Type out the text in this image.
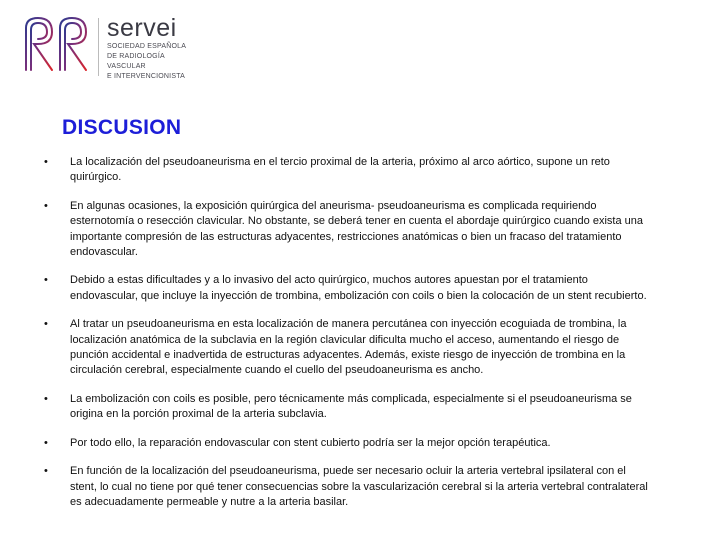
servei
SOCIEDAD ESPAÑOLA
DE RADIOLOGÍA
VASCULAR
E INTERVENCIONISTA
DISCUSION
• La localización del pseudoaneurisma en el tercio proximal de la arteria, próximo al arco aórtico, supone un reto quirúrgico.
• En algunas ocasiones, la exposición quirúrgica del aneurisma- pseudoaneurisma es complicada requiriendo esternotomía o resección clavicular. No obstante, se deberá tener en cuenta el abordaje quirúrgico cuando exista una importante compresión de las estructuras adyacentes, restricciones anatómicas o bien un fracaso del tratamiento endovascular.
• Debido a estas dificultades y a lo invasivo del acto quirúrgico, muchos autores apuestan por el tratamiento endovascular, que incluye la inyección de trombina, embolización con coils o bien la colocación de un stent recubierto.
• Al tratar un pseudoaneurisma en esta localización de manera percutánea con inyección ecoguiada de trombina, la localización anatómica de la subclavia en la región clavicular dificulta mucho el acceso, aumentando el riesgo de punción accidental e inadvertida de estructuras adyacentes. Además, existe riesgo de inyección de trombina en la circulación cerebral, especialmente cuando el cuello del pseudoaneurisma es ancho.
• La embolización con coils es posible, pero técnicamente más complicada, especialmente si el pseudoaneurisma se origina en la porción proximal de la arteria subclavia.
• Por todo ello, la reparación endovascular con stent cubierto podría ser la mejor opción terapéutica.
• En función de la localización del pseudoaneurisma, puede ser necesario ocluir la arteria vertebral ipsilateral con el stent, lo cual no tiene por qué tener consecuencias sobre la vascularización cerebral si la arteria vertebral contralateral es adecuadamente permeable y nutre a la arteria basilar.
